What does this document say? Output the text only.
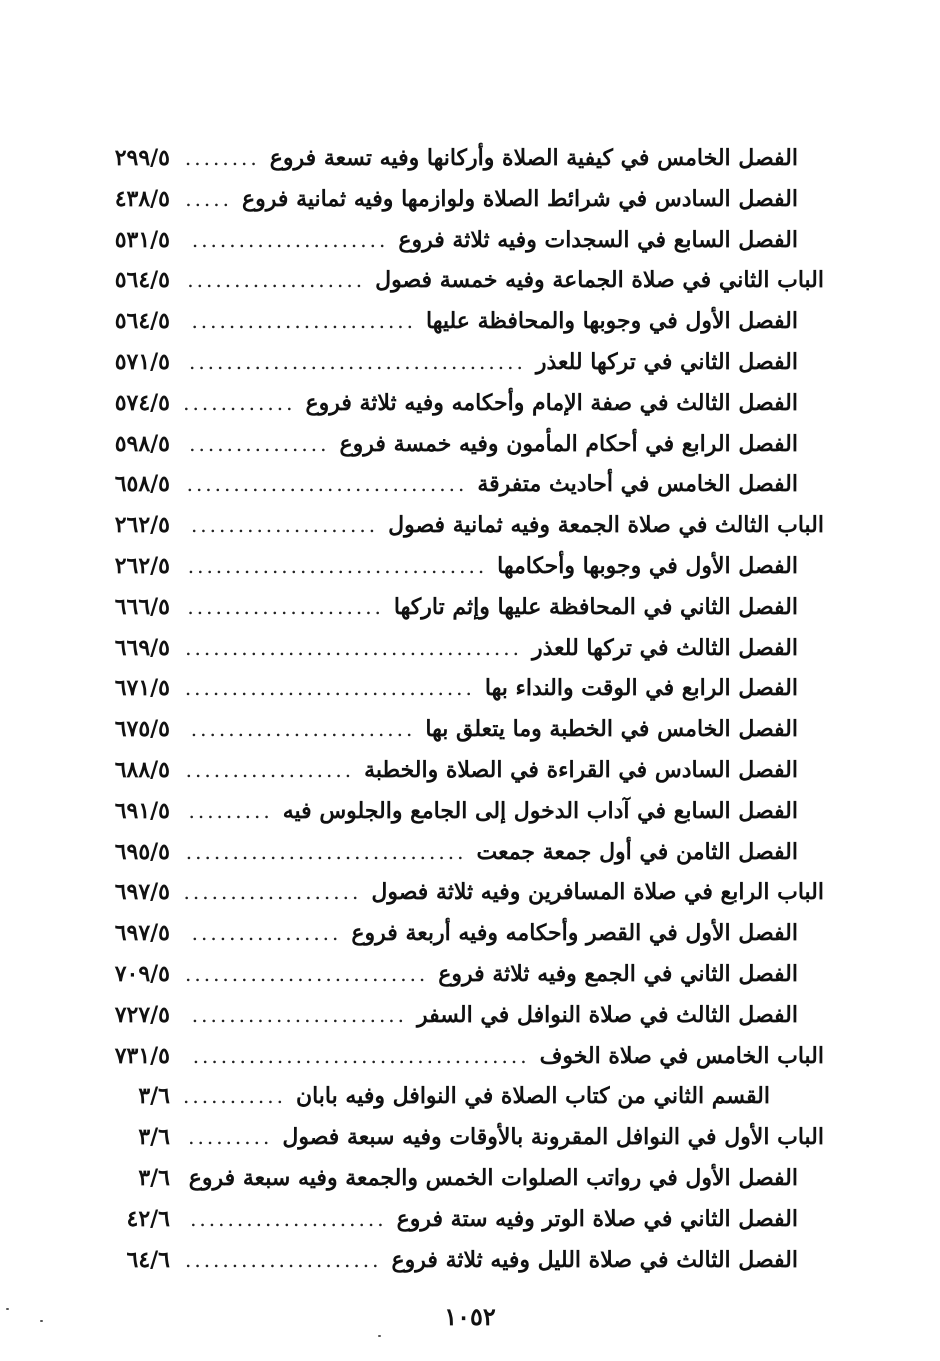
الفصل الخامس في كيفية الصلاة وأركانها وفيه تسعة فروع
........
٢٩٩/٥
الفصل السادس في شرائط الصلاة ولوازمها وفيه ثمانية فروع
.....
٤٣٨/٥
الفصل السابع في السجدات وفيه ثلاثة فروع
.....................
٥٣١/٥
الباب الثاني في صلاة الجماعة وفيه خمسة فصول
...................
٥٦٤/٥
الفصل الأول في وجوبها والمحافظة عليها
........................
٥٦٤/٥
الفصل الثاني في تركها للعذر
....................................
٥٧١/٥
الفصل الثالث في صفة الإمام وأحكامه وفيه ثلاثة فروع
............
٥٧٤/٥
الفصل الرابع في أحكام المأمون وفيه خمسة فروع
...............
٥٩٨/٥
الفصل الخامس في أحاديث متفرقة
..............................
٦٥٨/٥
الباب الثالث في صلاة الجمعة وفيه ثمانية فصول
....................
٢٦٢/٥
الفصل الأول في وجوبها وأحكامها
................................
٢٦٢/٥
الفصل الثاني في المحافظة عليها وإثم تاركها
.....................
٦٦٦/٥
الفصل الثالث في تركها للعذر
....................................
٦٦٩/٥
الفصل الرابع في الوقت والنداء بها
...............................
٦٧١/٥
الفصل الخامس في الخطبة وما يتعلق بها
........................
٦٧٥/٥
الفصل السادس في القراءة في الصلاة والخطبة
..................
٦٨٨/٥
الفصل السابع في آداب الدخول إلى الجامع والجلوس فيه
.........
٦٩١/٥
الفصل الثامن في أول جمعة جمعت
..............................
٦٩٥/٥
الباب الرابع في صلاة المسافرين وفيه ثلاثة فصول
...................
٦٩٧/٥
الفصل الأول في القصر وأحكامه وفيه أربعة فروع
................
٦٩٧/٥
الفصل الثاني في الجمع وفيه ثلاثة فروع
..........................
٧٠٩/٥
الفصل الثالث في صلاة النوافل في السفر
.......................
٧٢٧/٥
الباب الخامس في صلاة الخوف
....................................
٧٣١/٥
القسم الثاني من كتاب الصلاة في النوافل وفيه بابان
...........
٣/٦
الباب الأول في النوافل المقرونة بالأوقات وفيه سبعة فصول
.........
٣/٦
الفصل الأول في رواتب الصلوات الخمس والجمعة وفيه سبعة فروع
٣/٦
الفصل الثاني في صلاة الوتر وفيه ستة فروع
.....................
٤٢/٦
الفصل الثالث في صلاة الليل وفيه ثلاثة فروع
.....................
٦٤/٦
١٠٥٢
